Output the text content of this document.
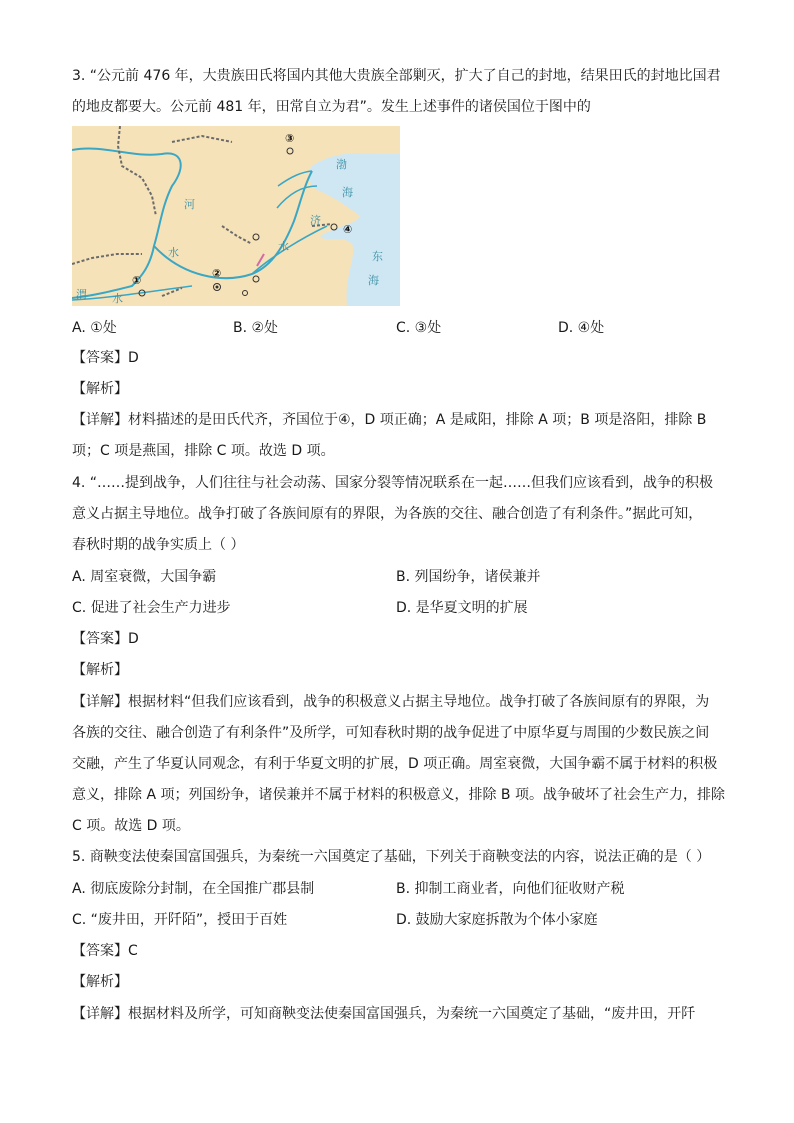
3. “公元前 476 年，大贵族田氏将国内其他大贵族全部剿灭，扩大了自己的封地，结果田氏的封地比国君
的地皮都要大。公元前 481 年，田常自立为君”。发生上述事件的诸侯国位于图中的
③
④
①
②
渤
海
河
水
济
水
东
海
渭 水
A. ①处	B. ②处	C. ③处	D. ④处
【答案】D
【解析】
【详解】材料描述的是田氏代齐，齐国位于④，D 项正确；A 是咸阳，排除 A 项；B 项是洛阳，排除 B
项；C 项是燕国，排除 C 项。故选 D 项。
4. “……提到战争，人们往往与社会动荡、国家分裂等情况联系在一起……但我们应该看到，战争的积极
意义占据主导地位。战争打破了各族间原有的界限，为各族的交往、融合创造了有利条件。”据此可知，
春秋时期的战争实质上（ ）
A. 周室衰微，大国争霸	B. 列国纷争，诸侯兼并
C. 促进了社会生产力进步	D. 是华夏文明的扩展
【答案】D
【解析】
【详解】根据材料“但我们应该看到，战争的积极意义占据主导地位。战争打破了各族间原有的界限，为
各族的交往、融合创造了有利条件”及所学，可知春秋时期的战争促进了中原华夏与周围的少数民族之间
交融，产生了华夏认同观念，有利于华夏文明的扩展，D 项正确。周室衰微，大国争霸不属于材料的积极
意义，排除 A 项；列国纷争，诸侯兼并不属于材料的积极意义，排除 B 项。战争破坏了社会生产力，排除
C 项。故选 D 项。
5. 商鞅变法使秦国富国强兵，为秦统一六国奠定了基础，下列关于商鞅变法的内容，说法正确的是（ ）
A. 彻底废除分封制，在全国推广郡县制	B. 抑制工商业者，向他们征收财产税
C. “废井田，开阡陌”，授田于百姓	D. 鼓励大家庭拆散为个体小家庭
【答案】C
【解析】
【详解】根据材料及所学，可知商鞅变法使秦国富国强兵，为秦统一六国奠定了基础，“废井田，开阡
